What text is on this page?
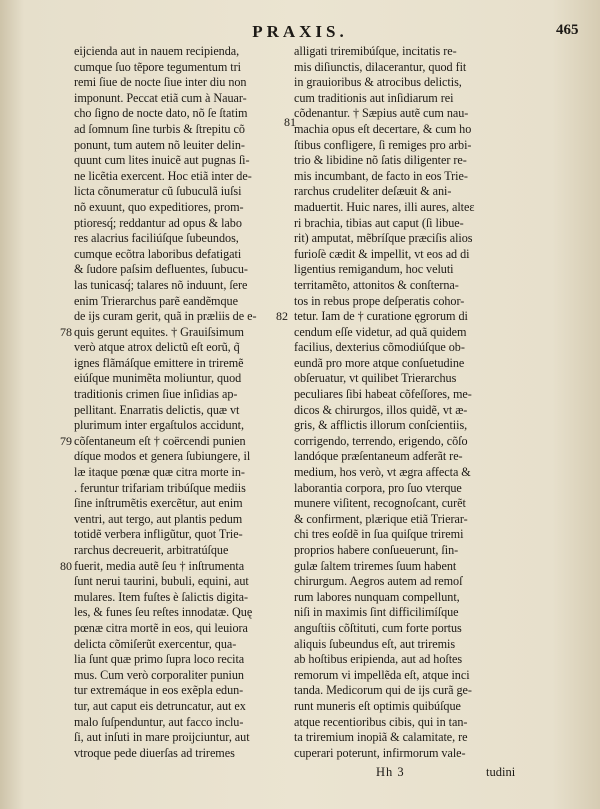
PRAXIS.	465
eijcienda aut in nauem recipienda,
cumque ſuo tẽpore tegumentum tri
remi ſiue de nocte ſiue inter diu non
imponunt. Peccat etiã cum à Nauar-
cho ſigno de nocte dato, nõ ſe ſtatim
ad ſomnum ſine turbis & ſtrepitu cõ
ponunt, tum autem nõ leuiter delin-
quunt cum lites inuicẽ aut pugnas ſi-
ne licẽtia exercent. Hoc etiã inter de-
licta cõnumeratur cũ ſubuculã iuſsi
nõ exuunt, quo expeditiores, prom-
ptioresq́; reddantur ad opus & labo
res alacrius faciliúſque ſubeundos,
cumque ecõtra laboribus defatigati
& ſudore paſsim defluentes, ſubucu-
las tunicasq́; talares nõ induunt, ſere
enim Trierarchus parẽ eandẽmque
de ijs curam gerit, quã in præliis de e-
quis gerunt equites. † Grauiſsimum
verò atque atrox delictũ eſt eorũ, q̃
ignes flãmáſque emittere in triremẽ
eiúſque munimẽta moliuntur, quod
traditionis crimen ſiue inſidias ap-
pellitant. Enarratis delictis, quæ vt
plurimum inter ergaſtulos accidunt,
cõſentaneum eſt † coërcendi punien
díque modos et genera ſubiungere, il
læ itaque pœnæ quæ citra morte in-
. feruntur trifariam tribúſque mediis
ſine inſtrumẽtis exercẽtur, aut enim
ventri, aut tergo, aut plantis pedum
totidẽ verbera infligũtur, quot Trie-
rarchus decreuerit, arbitratúſque
fuerit, media autẽ ſeu † inſtrumenta
ſunt nerui taurini, bubuli, equini, aut
mulares. Item fuſtes è ſalictis digita-
les, & funes ſeu reſtes innodatæ. Quę
pœnæ citra mortẽ in eos, qui leuiora
delicta cõmiſerũt exercentur, qua-
lia ſunt quæ primo ſupra loco recita
mus. Cum verò corporaliter puniun
tur extremáque in eos exẽpla edun-
tur, aut caput eis detruncatur, aut ex
malo ſuſpenduntur, aut facco inclu-
ſi, aut inſuti in mare proijciuntur, aut
vtroque pede diuerſas ad triremes
alligati triremibúſque, incitatis re-
mis diſiunctis, dilacerantur, quod fit
in grauioribus & atrocibus delictis,
cum traditionis aut inſidiarum rei
cõdenantur. † Sæpius autẽ cum nau-
machia opus eſt decertare, & cum ho
ſtibus confligere, ſi remiges pro arbi-
trio & libidine nõ ſatis diligenter re-
mis incumbant, de facto in eos Trie-
rarchus crudeliter deſæuit & ani-
maduertit. Huic nares, illi aures, alteɛ
ri brachia, tibias aut caput (ſi libue-
rit) amputat, mẽbríſque præciſis alios
furioſè cædit & impellit, vt eos ad di
ligentius remigandum, hoc veluti
territamẽto, attonitos & conſterna-
tos in rebus prope deſperatis cohor-
tetur. Iam de † curatione ęgrorum di
cendum eſſe videtur, ad quã quidem
facilius, dexterius cõmodiúſque ob-
eundã pro more atque conſuetudine
obſeruatur, vt quilibet Trierarchus
peculiares ſibi habeat cõfeſſores, me-
dicos & chirurgos, illos quidẽ, vt æ-
gris, & afflictis illorum conſcientiis,
corrigendo, terrendo, erigendo, cõſo
landóque præſentaneum adferãt re-
medium, hos verò, vt ægra affecta &
laborantia corpora, pro ſuo vterque
munere viſitent, recognoſcant, curẽt
& confirment, plærique etiã Trierar-
chi tres eoſdẽ in ſua quiſque triremi
proprios habere conſueuerunt, ſin-
gulæ ſaltem triremes ſuum habent
chirurgum. Aegros autem ad remoſ
rum labores nunquam compellunt,
niſi in maximis ſint difficilimíſque
anguſtiis cõſtituti, cum forte portus
aliquis ſubeundus eſt, aut triremis
ab hoſtibus eripienda, aut ad hoſtes
remorum vi impellẽda eſt, atque inci
tanda. Medicorum qui de ijs curã ge-
runt muneris eſt optimis quibúſque
atque recentioribus cibis, qui in tan-
ta triremium inopiã & calamitate, re
cuperari poterunt, infirmorum vale-
81
78
82
79
80
Hh 3	tudini
